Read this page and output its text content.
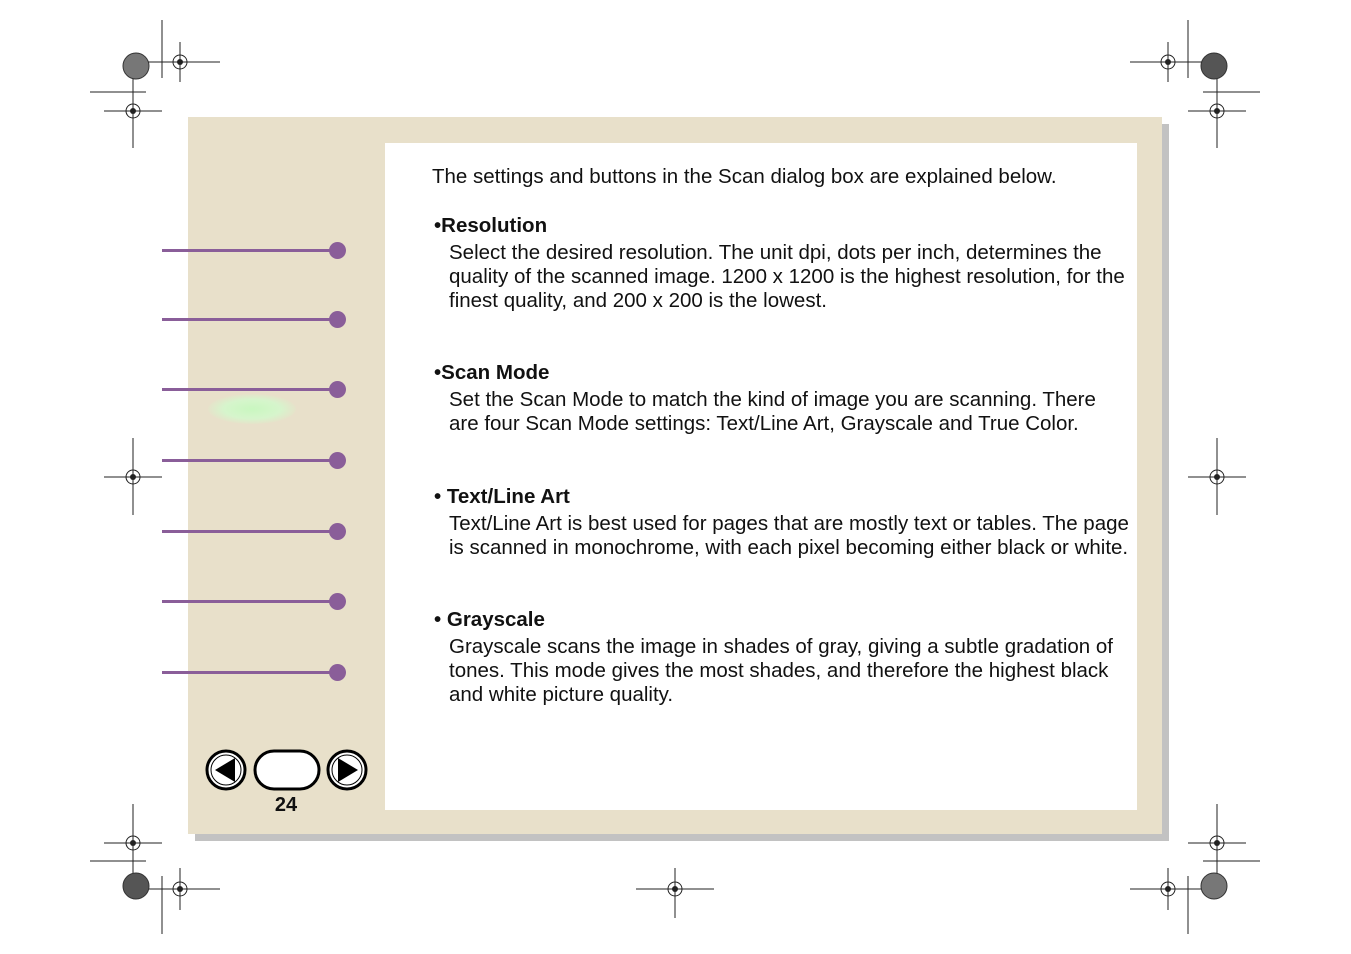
The settings and buttons in the Scan dialog box are explained below.

•Resolution

Select the desired resolution. The unit dpi, dots per inch, determines the quality of the scanned image. 1200 x 1200 is the highest resolution, for the finest quality, and 200 x 200 is the lowest.

•Scan Mode

Set the Scan Mode to match the kind of image you are scanning. There are four Scan Mode settings: Text/Line Art, Grayscale and True Color.

• Text/Line Art

Text/Line Art is best used for pages that are mostly text or tables. The page is scanned in monochrome, with each pixel becoming either black or white.

• Grayscale

Grayscale scans the image in shades of gray, giving a subtle gradation of tones. This mode gives the most shades, and therefore the highest black and white picture quality.

24
